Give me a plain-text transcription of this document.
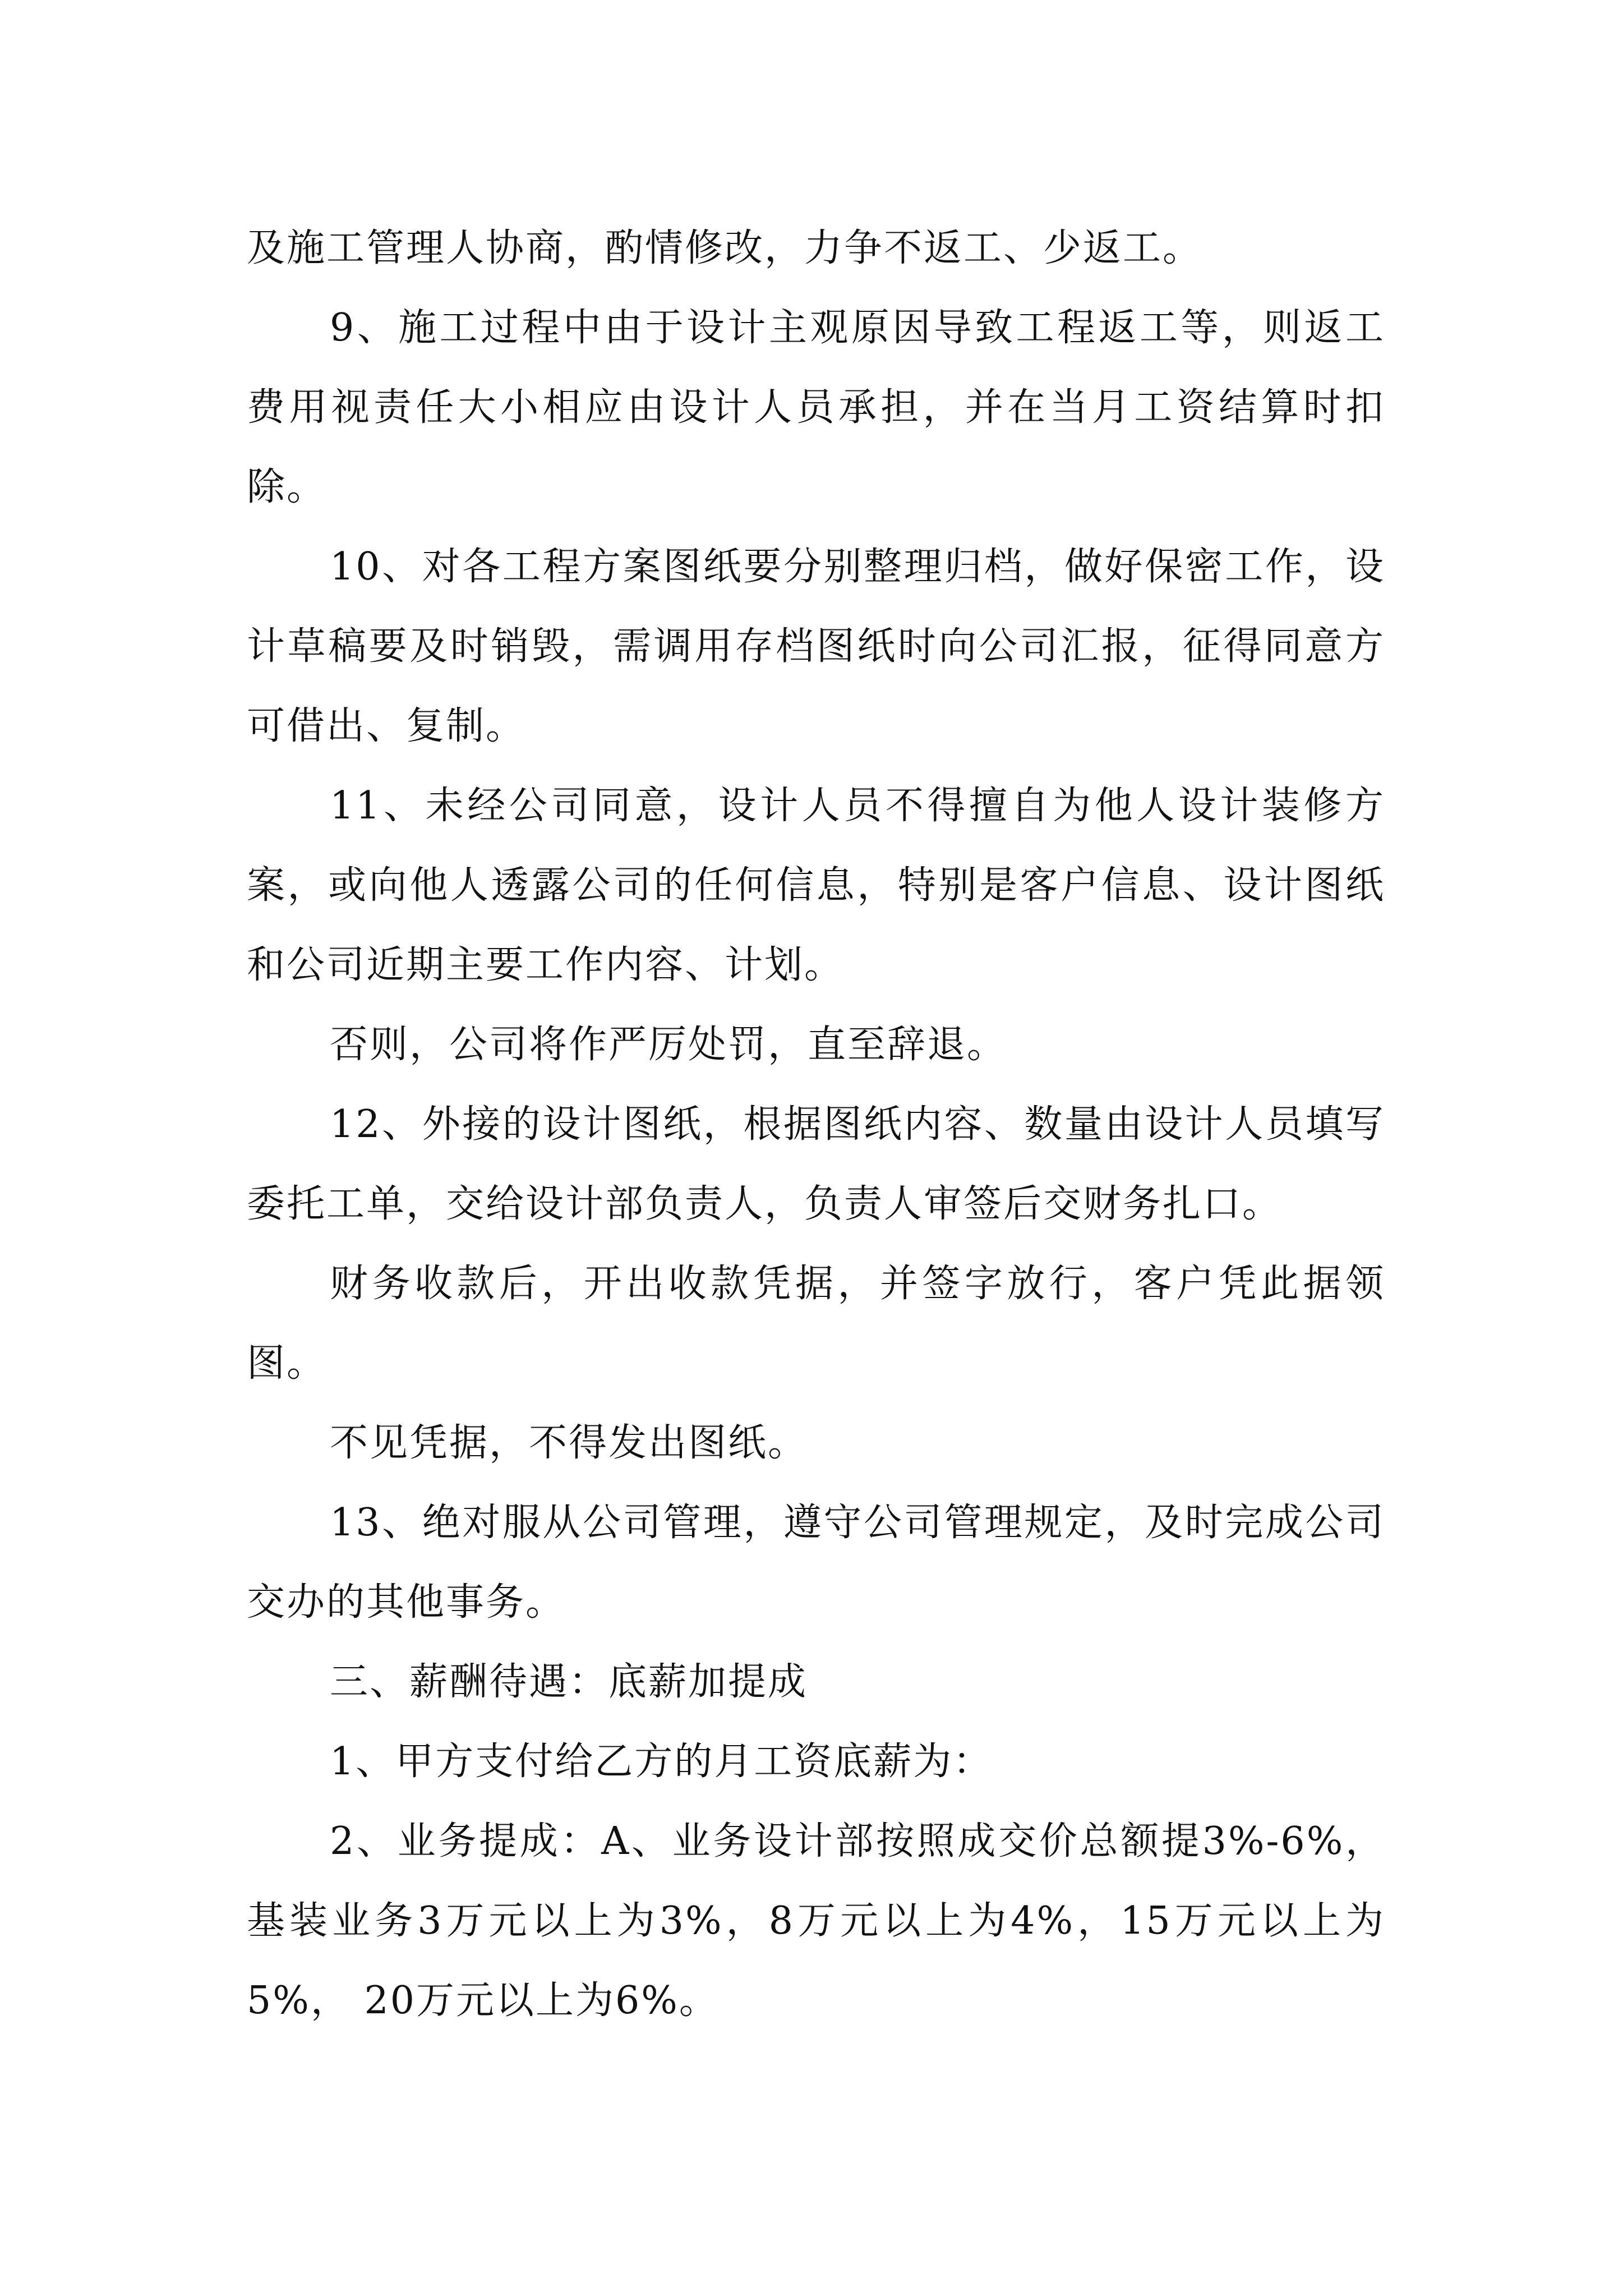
及施工管理人协商，酌情修改，力争不返工、少返工。

9、施工过程中由于设计主观原因导致工程返工等，则返工费用视责任大小相应由设计人员承担，并在当月工资结算时扣除。

10、对各工程方案图纸要分别整理归档，做好保密工作，设计草稿要及时销毁，需调用存档图纸时向公司汇报，征得同意方可借出、复制。

11、未经公司同意，设计人员不得擅自为他人设计装修方案，或向他人透露公司的任何信息，特别是客户信息、设计图纸和公司近期主要工作内容、计划。

否则，公司将作严厉处罚，直至辞退。

12、外接的设计图纸，根据图纸内容、数量由设计人员填写委托工单，交给设计部负责人，负责人审签后交财务扎口。

财务收款后，开出收款凭据，并签字放行，客户凭此据领图。

不见凭据，不得发出图纸。

13、绝对服从公司管理，遵守公司管理规定，及时完成公司交办的其他事务。

三、薪酬待遇：底薪加提成

1、甲方支付给乙方的月工资底薪为：

2、业务提成：A、业务设计部按照成交价总额提3%-6%，基装业务3万元以上为3%，8万元以上为4%，15万元以上为5%， 20万元以上为6%。
